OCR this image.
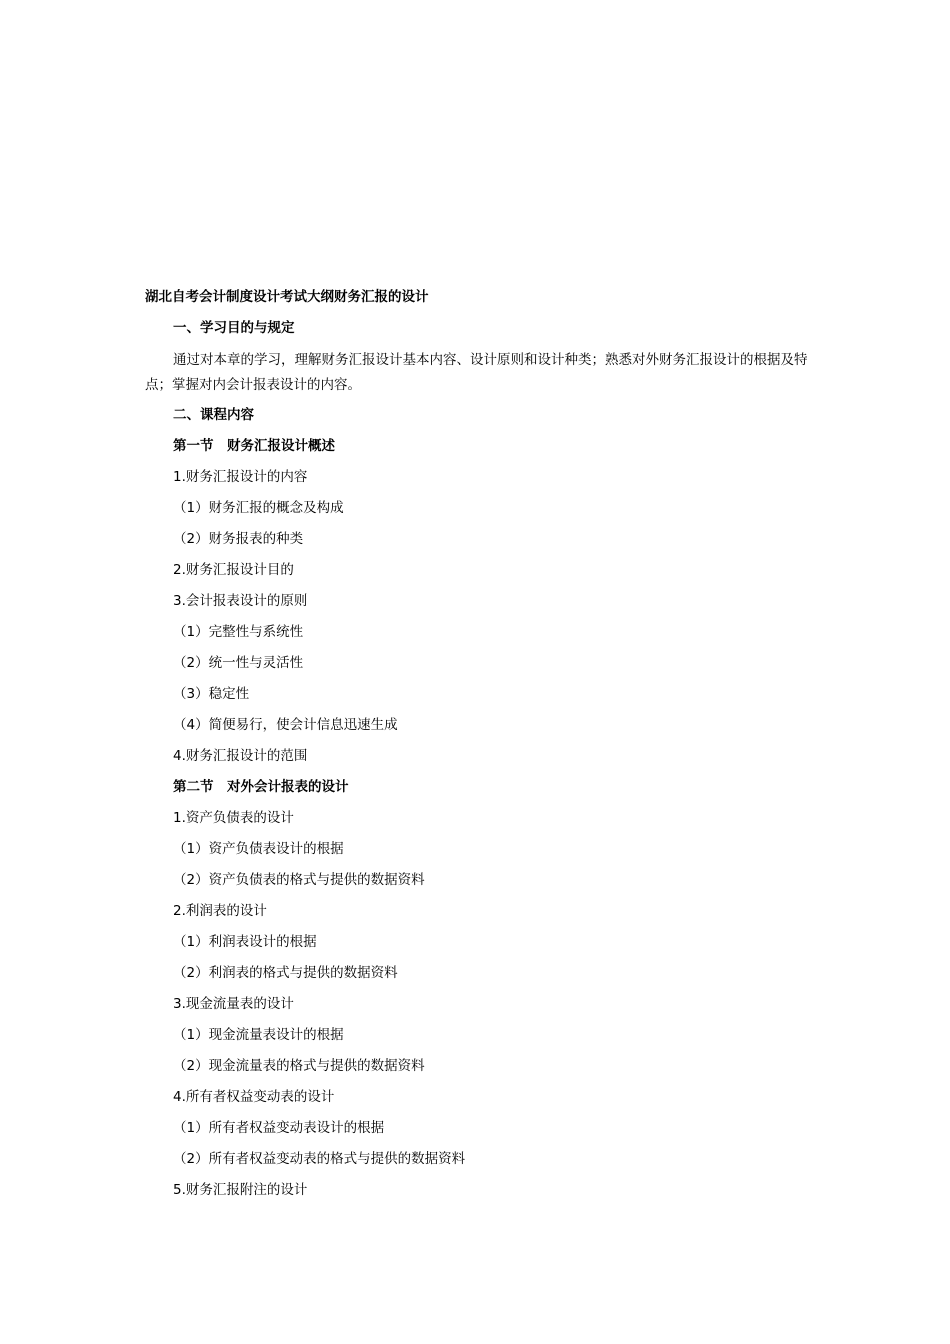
湖北自考会计制度设计考试大纲财务汇报的设计
一、学习目的与规定
通过对本章的学习，理解财务汇报设计基本内容、设计原则和设计种类；熟悉对外财务汇报设计的根据及特点；掌握对内会计报表设计的内容。
二、课程内容
第一节　财务汇报设计概述
1.财务汇报设计的内容
（1）财务汇报的概念及构成
（2）财务报表的种类
2.财务汇报设计目的
3.会计报表设计的原则
（1）完整性与系统性
（2）统一性与灵活性
（3）稳定性
（4）简便易行，使会计信息迅速生成
4.财务汇报设计的范围
第二节　对外会计报表的设计
1.资产负债表的设计
（1）资产负债表设计的根据
（2）资产负债表的格式与提供的数据资料
2.利润表的设计
（1）利润表设计的根据
（2）利润表的格式与提供的数据资料
3.现金流量表的设计
（1）现金流量表设计的根据
（2）现金流量表的格式与提供的数据资料
4.所有者权益变动表的设计
（1）所有者权益变动表设计的根据
（2）所有者权益变动表的格式与提供的数据资料
5.财务汇报附注的设计
